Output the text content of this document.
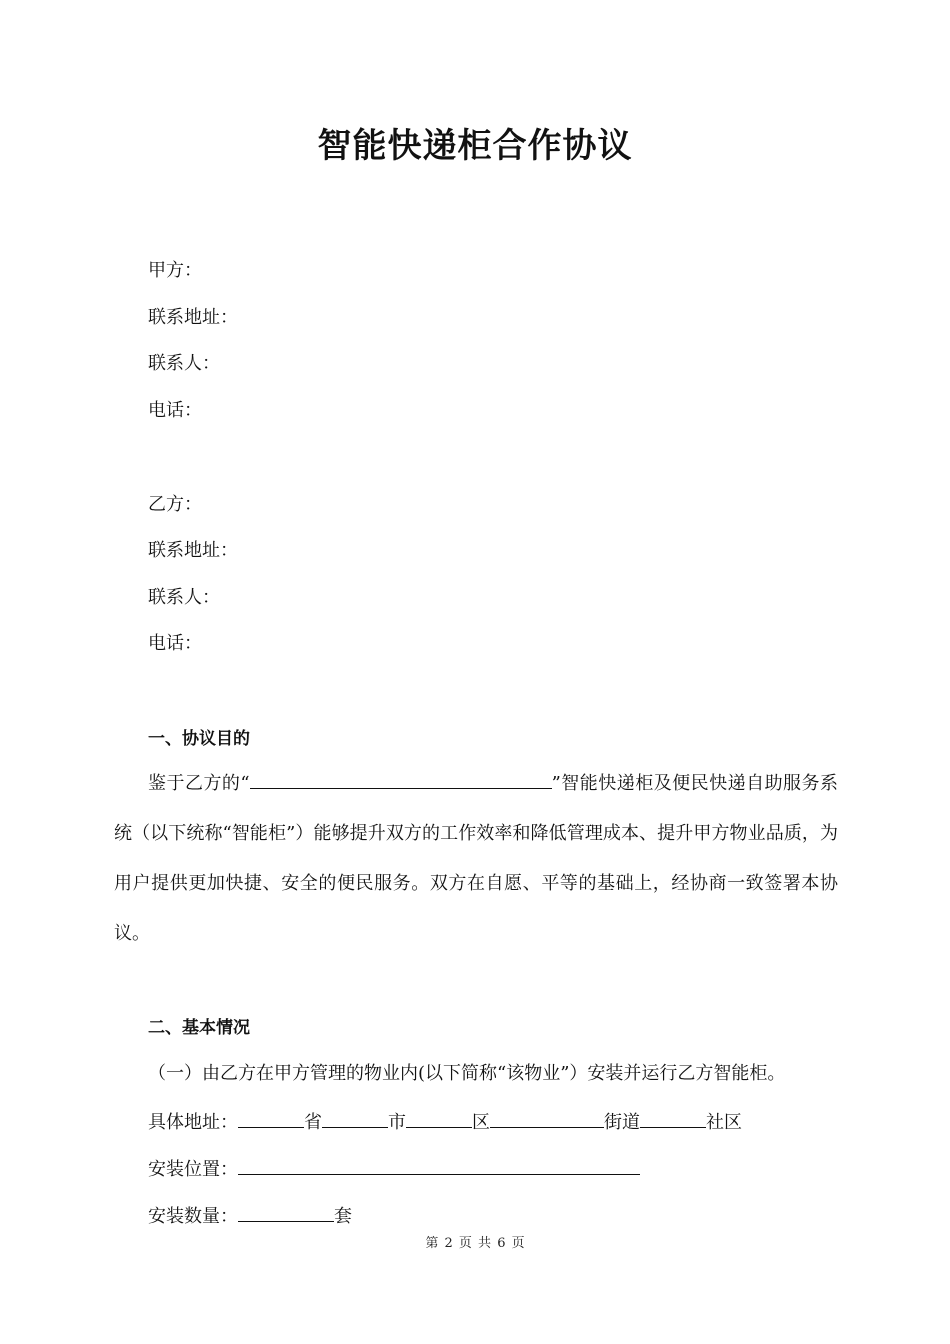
智能快递柜合作协议
甲方：
联系地址：
联系人：
电话：
乙方：
联系地址：
联系人：
电话：
一、协议目的
鉴于乙方的“	”智能快递柜及便民快递自助服务系统（以下统称“智能柜”）能够提升双方的工作效率和降低管理成本、提升甲方物业品质，为用户提供更加快捷、安全的便民服务。双方在自愿、平等的基础上，经协商一致签署本协议。
二、基本情况
（一）由乙方在甲方管理的物业内(以下简称“该物业”）安装并运行乙方智能柜。
具体地址：	省	市	区	街道	社区
安装位置：
安装数量：	套
第 2 页 共 6 页
